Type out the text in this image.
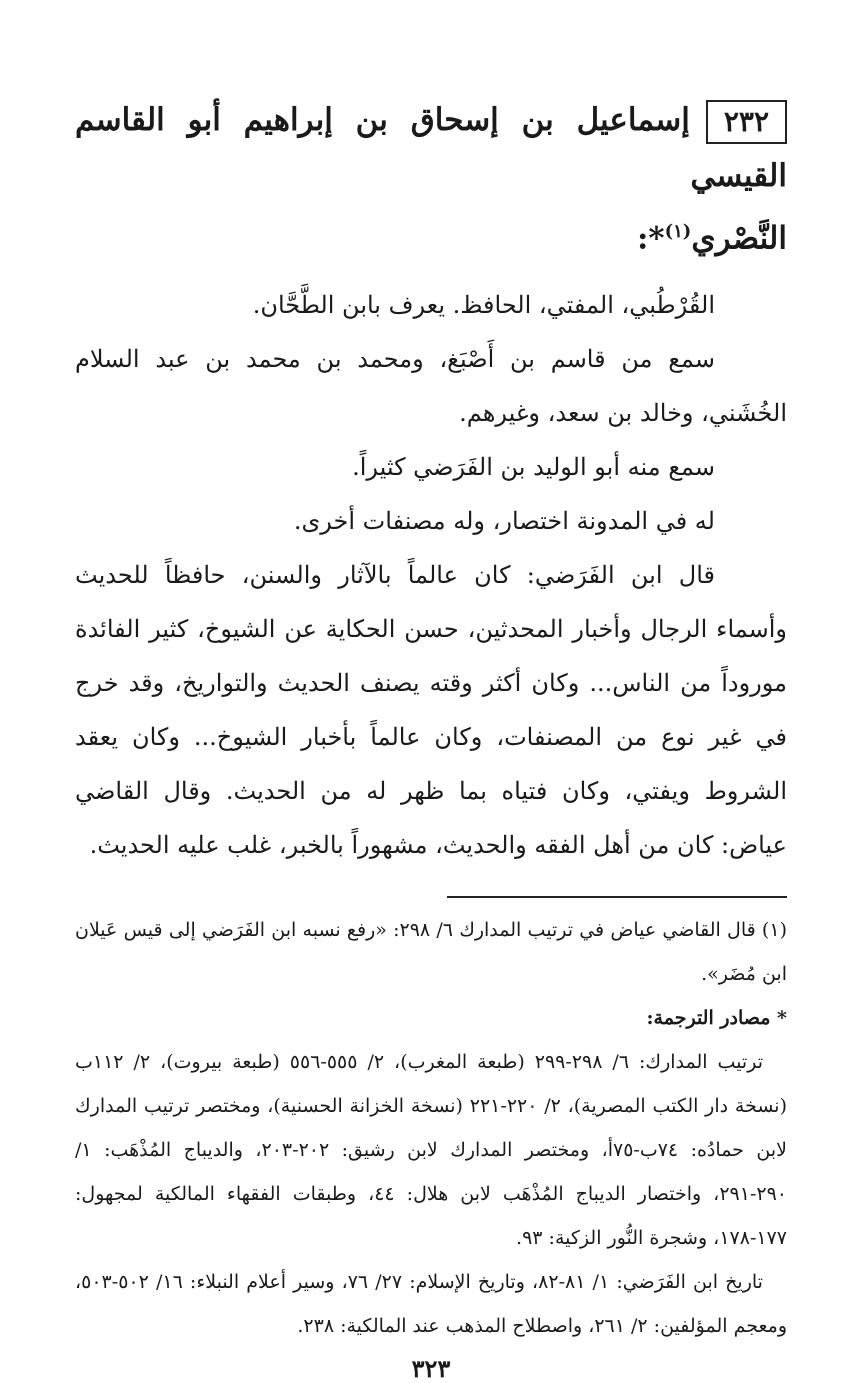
٢٣٢إسماعيل بن إسحاق بن إبراهيم أبو القاسم القيسي
النَّصْري$^{(١)}$*:

القُرْطُبي، المفتي، الحافظ. يعرف بابن الطَّحَّان.

سمع من قاسم بن أَصْبَغ، ومحمد بن محمد بن عبد السلام الخُشَني، وخالد بن سعد، وغيرهم.

سمع منه أبو الوليد بن الفَرَضي كثيراً.

له في المدونة اختصار، وله مصنفات أخرى.

قال ابن الفَرَضي: كان عالماً بالآثار والسنن، حافظاً للحديث وأسماء الرجال وأخبار المحدثين، حسن الحكاية عن الشيوخ، كثير الفائدة موروداً من الناس... وكان أكثر وقته يصنف الحديث والتواريخ، وقد خرج في غير نوع من المصنفات، وكان عالماً بأخبار الشيوخ... وكان يعقد الشروط ويفتي، وكان فتياه بما ظهر له من الحديث. وقال القاضي عياض: كان من أهل الفقه والحديث، مشهوراً بالخبر، غلب عليه الحديث.

(١) قال القاضي عياض في ترتيب المدارك ٦/ ٢٩٨: «رفع نسبه ابن الفَرَضي إلى قيس عَيلان ابن مُضَر».

* مصادر الترجمة:

ترتيب المدارك: ٦/ ٢٩٨-٢٩٩ (طبعة المغرب)، ٢/ ٥٥٥-٥٥٦ (طبعة بيروت)، ٢/ ١١٢ب (نسخة دار الكتب المصرية)، ٢/ ٢٢٠-٢٢١ (نسخة الخزانة الحسنية)، ومختصر ترتيب المدارك لابن حمادُه: ٧٤ب-٧٥أ، ومختصر المدارك لابن رشيق: ٢٠٢-٢٠٣، والديباج المُذْهَب: ١/ ٢٩٠-٢٩١، واختصار الديباج المُذْهَب لابن هلال: ٤٤، وطبقات الفقهاء المالكية لمجهول: ١٧٧-١٧٨، وشجرة النُّور الزكية: ٩٣.

تاريخ ابن الفَرَضي: ١/ ٨١-٨٢، وتاريخ الإسلام: ٢٧/ ٧٦، وسير أعلام النبلاء: ١٦/ ٥٠٢-٥٠٣، ومعجم المؤلفين: ٢/ ٢٦١، واصطلاح المذهب عند المالكية: ٢٣٨.

٣٢٣
